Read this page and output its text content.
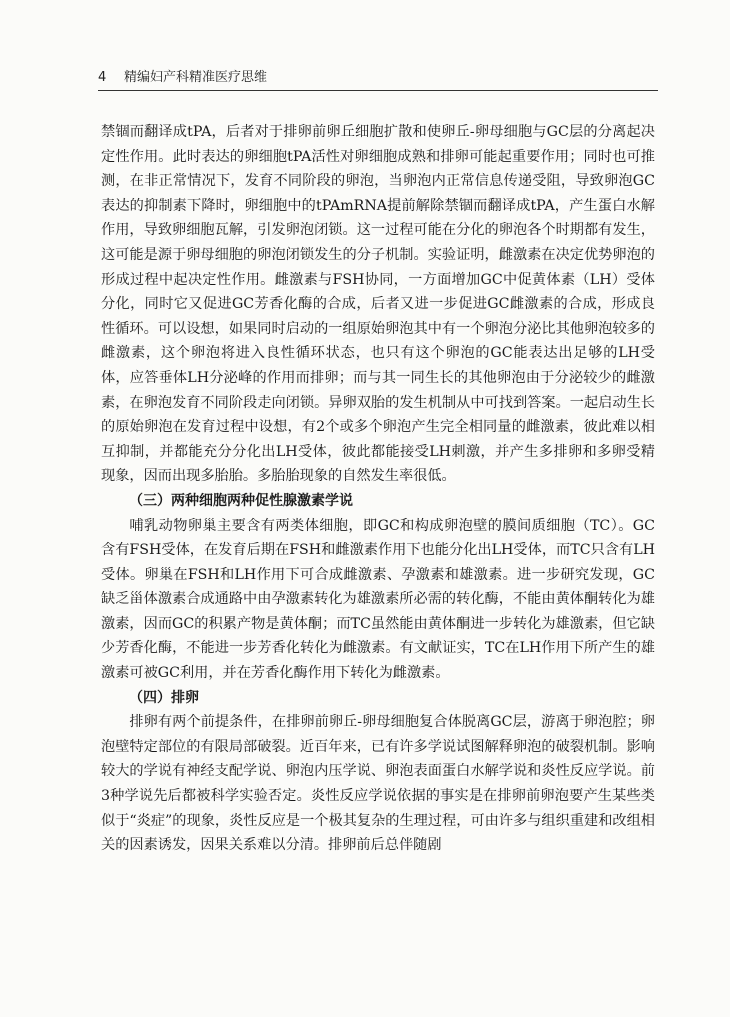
4 精编妇产科精准医疗思维

禁锢而翻译成tPA，后者对于排卵前卵丘细胞扩散和使卵丘-卵母细胞与GC层的分离起决定性作用。此时表达的卵细胞tPA活性对卵细胞成熟和排卵可能起重要作用；同时也可推测，在非正常情况下，发育不同阶段的卵泡，当卵泡内正常信息传递受阻，导致卵泡GC表达的抑制素下降时，卵细胞中的tPAmRNA提前解除禁锢而翻译成tPA，产生蛋白水解作用，导致卵细胞瓦解，引发卵泡闭锁。这一过程可能在分化的卵泡各个时期都有发生，这可能是源于卵母细胞的卵泡闭锁发生的分子机制。实验证明，雌激素在决定优势卵泡的形成过程中起决定性作用。雌激素与FSH协同，一方面增加GC中促黄体素（LH）受体分化，同时它又促进GC芳香化酶的合成，后者又进一步促进GC雌激素的合成，形成良性循环。可以设想，如果同时启动的一组原始卵泡其中有一个卵泡分泌比其他卵泡较多的雌激素，这个卵泡将进入良性循环状态，也只有这个卵泡的GC能表达出足够的LH受体，应答垂体LH分泌峰的作用而排卵；而与其一同生长的其他卵泡由于分泌较少的雌激素，在卵泡发育不同阶段走向闭锁。异卵双胎的发生机制从中可找到答案。一起启动生长的原始卵泡在发育过程中设想，有2个或多个卵泡产生完全相同量的雌激素，彼此难以相互抑制，并都能充分分化出LH受体，彼此都能接受LH刺激，并产生多排卵和多卵受精现象，因而出现多胎胎。多胎胎现象的自然发生率很低。

（三）两种细胞两种促性腺激素学说

哺乳动物卵巢主要含有两类体细胞，即GC和构成卵泡壁的膜间质细胞（TC）。GC含有FSH受体，在发育后期在FSH和雌激素作用下也能分化出LH受体，而TC只含有LH受体。卵巢在FSH和LH作用下可合成雌激素、孕激素和雄激素。进一步研究发现，GC缺乏甾体激素合成通路中由孕激素转化为雄激素所必需的转化酶，不能由黄体酮转化为雄激素，因而GC的积累产物是黄体酮；而TC虽然能由黄体酮进一步转化为雄激素，但它缺少芳香化酶，不能进一步芳香化转化为雌激素。有文献证实，TC在LH作用下所产生的雄激素可被GC利用，并在芳香化酶作用下转化为雌激素。

（四）排卵

排卵有两个前提条件，在排卵前卵丘-卵母细胞复合体脱离GC层，游离于卵泡腔；卵泡壁特定部位的有限局部破裂。近百年来，已有许多学说试图解释卵泡的破裂机制。影响较大的学说有神经支配学说、卵泡内压学说、卵泡表面蛋白水解学说和炎性反应学说。前3种学说先后都被科学实验否定。炎性反应学说依据的事实是在排卵前卵泡要产生某些类似于“炎症”的现象，炎性反应是一个极其复杂的生理过程，可由许多与组织重建和改组相关的因素诱发，因果关系难以分清。排卵前后总伴随剧
